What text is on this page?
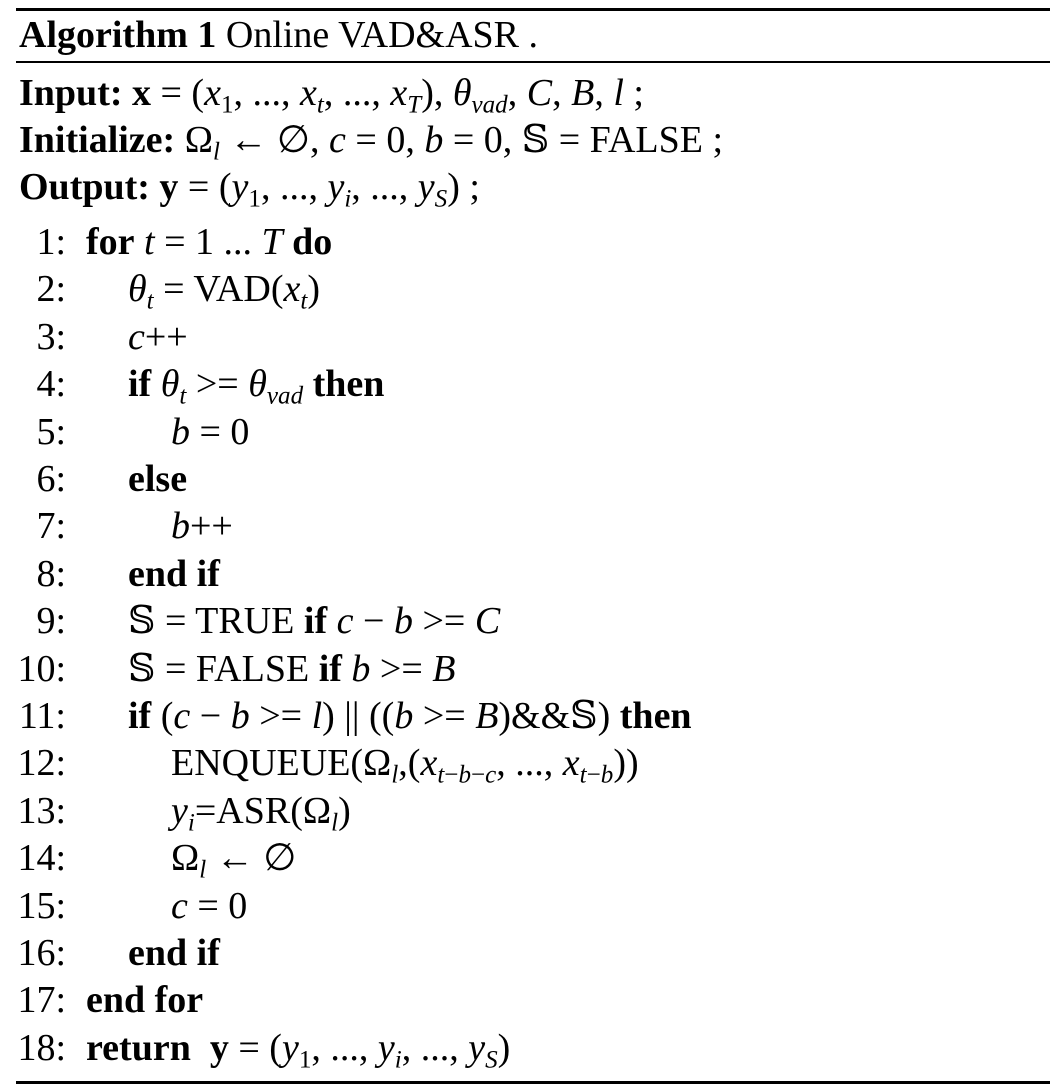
Algorithm 1 Online VAD&ASR .
Input: $x = (x_1$, ..., $x_t$, ..., $x_T$), $\theta_{vad}$, C, B, l ;
Initialize: $\Omega_l$ ← ∅, c = 0, b = 0, 𝕊 = FALSE ;
Output: $y = (y_1$, ..., $y_i$, ..., $y_S$) ;
1: for t = 1 ... T do
2: $\theta_t = VAD(x_t)$
3: c++
4: if $\theta_t >= \theta_{vad}$ then
5:	b = 0
6: else
7:	b++
8: end if
9: 𝕊 = TRUE if c − b >= C
10: 𝕊 = FALSE if b >= B
11: if (c − b >= l) || ((b >= B)&&𝕊) then
12:	$ENQUEUE(\Omega_l,(x_{t-b-c}$, ..., $x_{t-b}$))
13:	$y_i=ASR(\Omega_l)$
14:	$\Omega_l$ ← ∅
15:	c = 0
16: end if
17: end for
18: return $y = (y_1$, ..., $y_i$, ..., $y_S$)
